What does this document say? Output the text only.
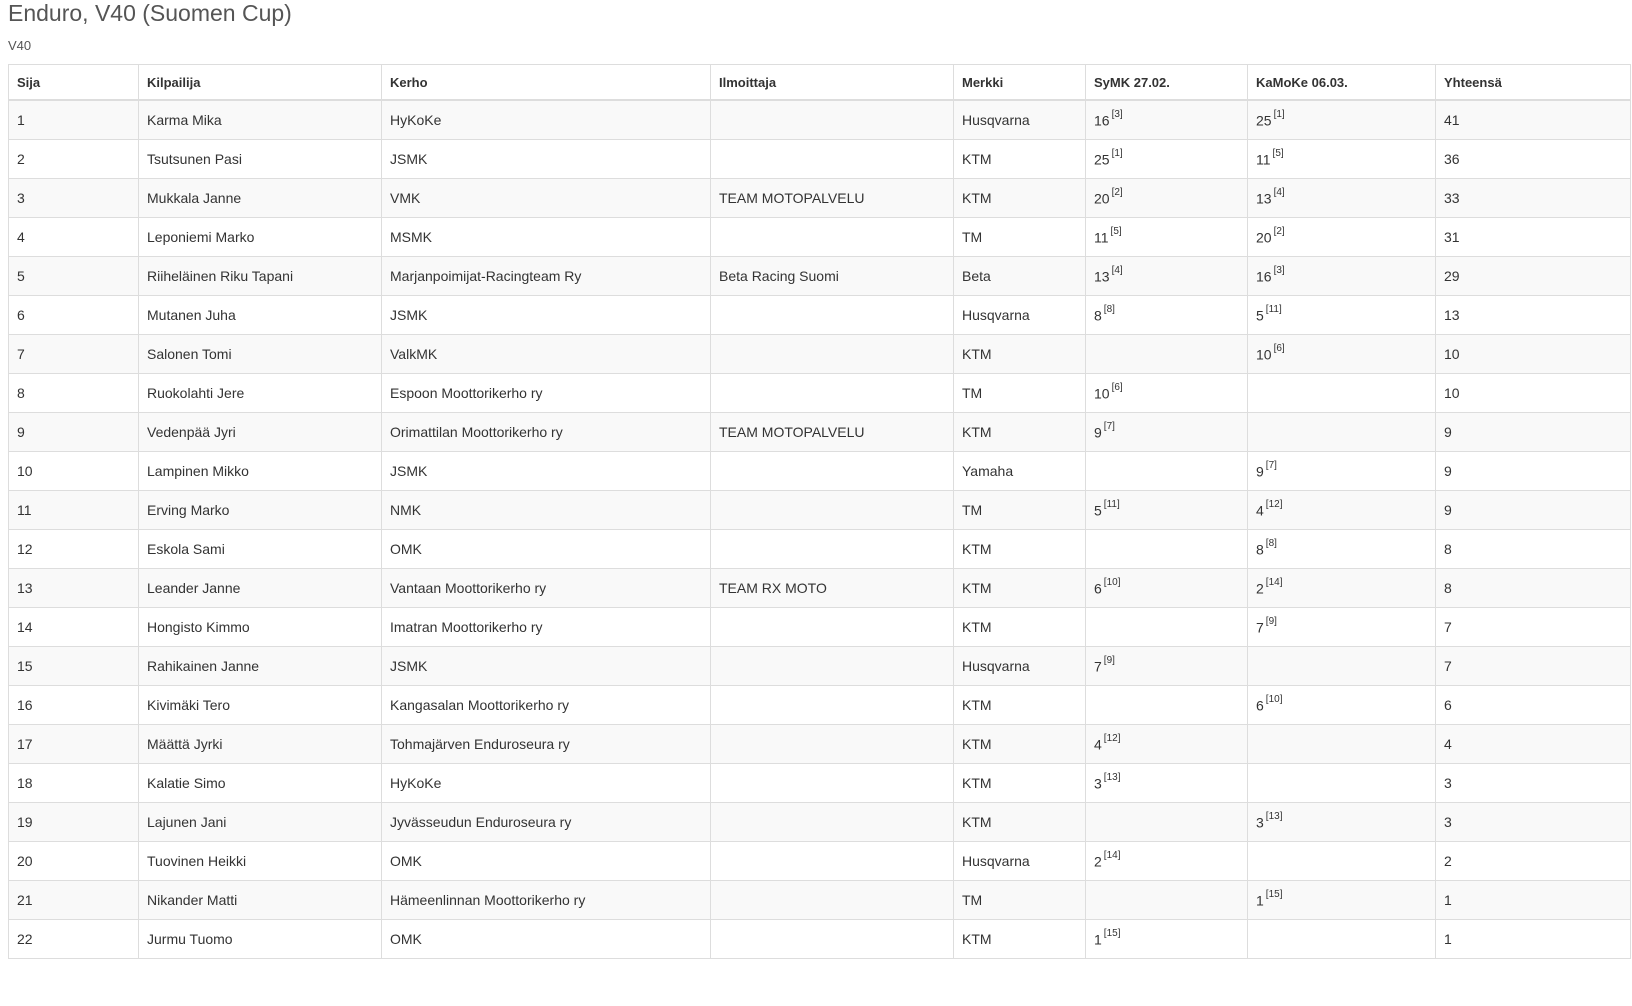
Enduro, V40 (Suomen Cup)
V40
Sija	Kilpailija	Kerho	Ilmoittaja	Merkki	SyMK 27.02.	KaMoKe 06.03.	Yhteensä
1	Karma Mika	HyKoKe		Husqvarna	16 [3]	25 [1]	41
2	Tsutsunen Pasi	JSMK		KTM	25 [1]	11 [5]	36
3	Mukkala Janne	VMK	TEAM MOTOPALVELU	KTM	20 [2]	13 [4]	33
4	Leponiemi Marko	MSMK		TM	11 [5]	20 [2]	31
5	Riiheläinen Riku Tapani	Marjanpoimijat-Racingteam Ry	Beta Racing Suomi	Beta	13 [4]	16 [3]	29
6	Mutanen Juha	JSMK		Husqvarna	8 [8]	5 [11]	13
7	Salonen Tomi	ValkMK		KTM		10 [6]	10
8	Ruokolahti Jere	Espoon Moottorikerho ry		TM	10 [6]		10
9	Vedenpää Jyri	Orimattilan Moottorikerho ry	TEAM MOTOPALVELU	KTM	9 [7]		9
10	Lampinen Mikko	JSMK		Yamaha		9 [7]	9
11	Erving Marko	NMK		TM	5 [11]	4 [12]	9
12	Eskola Sami	OMK		KTM		8 [8]	8
13	Leander Janne	Vantaan Moottorikerho ry	TEAM RX MOTO	KTM	6 [10]	2 [14]	8
14	Hongisto Kimmo	Imatran Moottorikerho ry		KTM		7 [9]	7
15	Rahikainen Janne	JSMK		Husqvarna	7 [9]		7
16	Kivimäki Tero	Kangasalan Moottorikerho ry		KTM		6 [10]	6
17	Määttä Jyrki	Tohmajärven Enduroseura ry		KTM	4 [12]		4
18	Kalatie Simo	HyKoKe		KTM	3 [13]		3
19	Lajunen Jani	Jyvässeudun Enduroseura ry		KTM		3 [13]	3
20	Tuovinen Heikki	OMK		Husqvarna	2 [14]		2
21	Nikander Matti	Hämeenlinnan Moottorikerho ry		TM		1 [15]	1
22	Jurmu Tuomo	OMK		KTM	1 [15]		1
